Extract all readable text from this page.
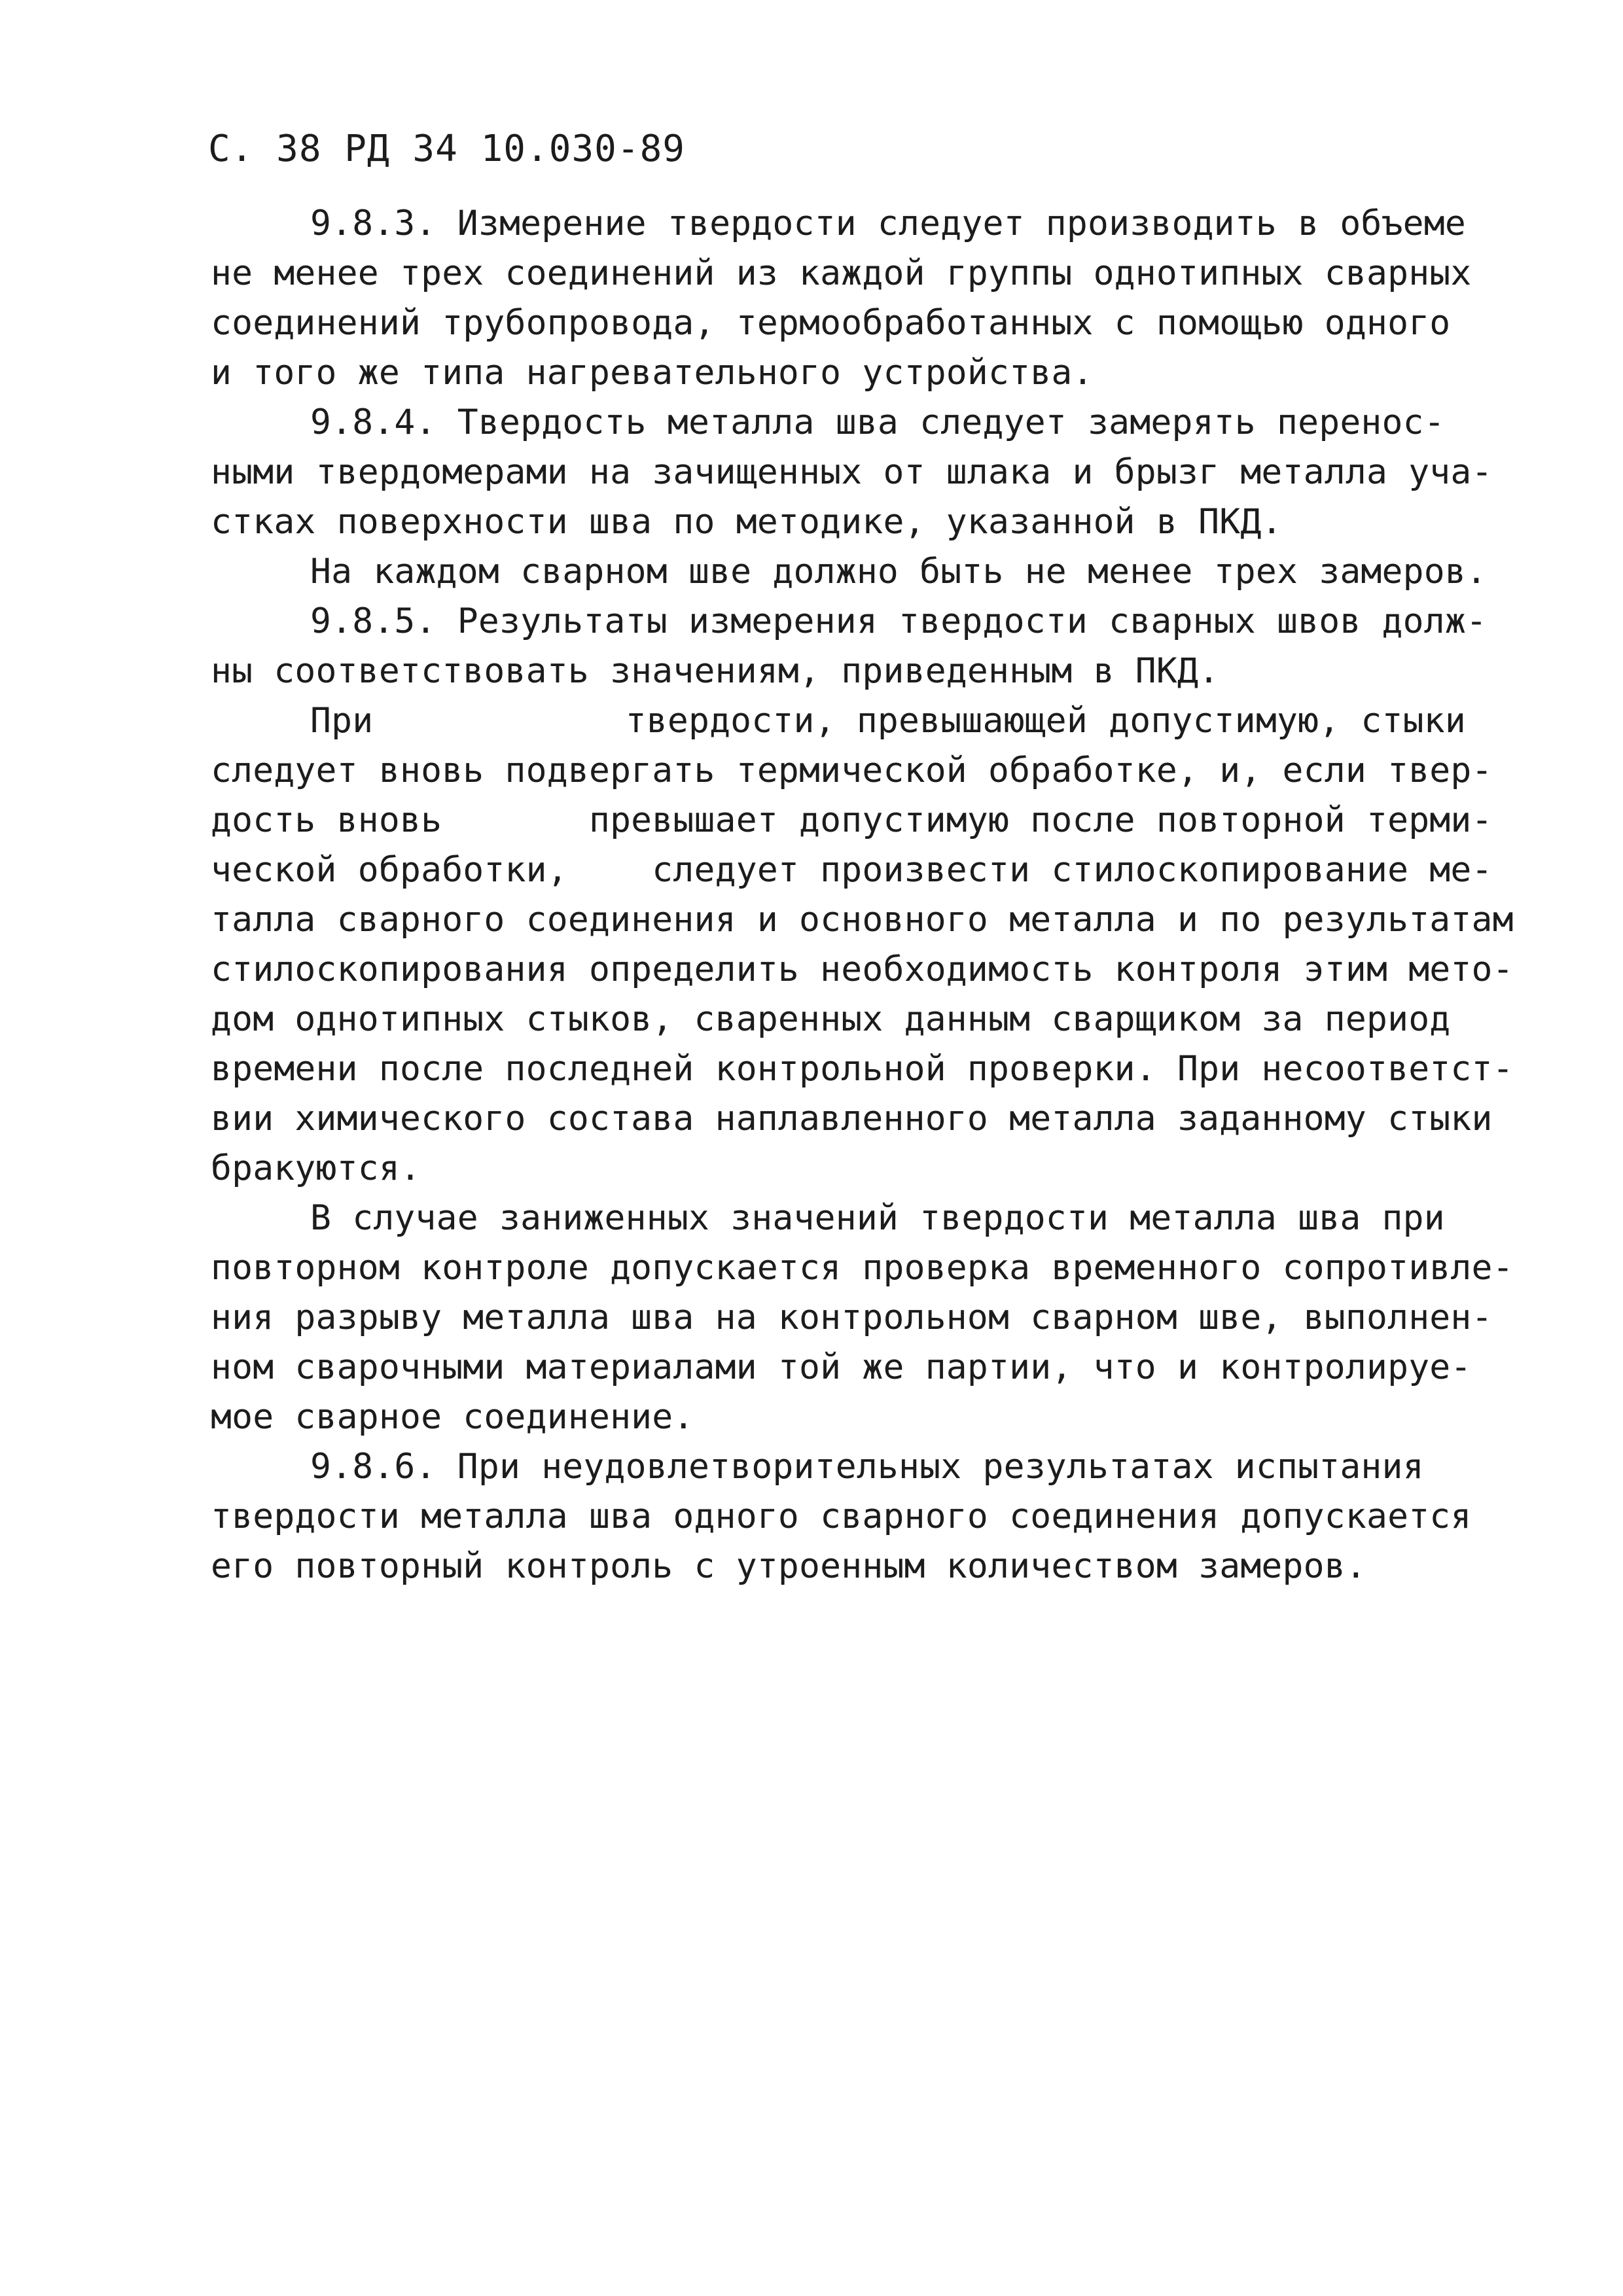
С. 38 РД 34 10.030-89
9.8.3. Измерение твердости следует производить в объеме
не менее трех соединений из каждой группы однотипных сварных
соединений трубопровода, термообработанных с помощью одного
и того же типа нагревательного устройства.
9.8.4. Твердость металла шва следует замерять перенос-
ными твердомерами на зачищенных от шлака и брызг металла уча-
стках поверхности шва по методике, указанной в ПКД.
На каждом сварном шве должно быть не менее трех замеров.
9.8.5. Результаты измерения твердости сварных швов долж-
ны соответствовать значениям, приведенным в ПКД.
При            твердости, превышающей допустимую, стыки
следует вновь подвергать термической обработке, и, если твер-
дость вновь       превышает допустимую после повторной терми-
ческой обработки,    следует произвести стилоскопирование ме-
талла сварного соединения и основного металла и по результатам
стилоскопирования определить необходимость контроля этим мето-
дом однотипных стыков, сваренных данным сварщиком за период
времени после последней контрольной проверки. При несоответст-
вии химического состава наплавленного металла заданному стыки
бракуются.
В случае заниженных значений твердости металла шва при
повторном контроле допускается проверка временного сопротивле-
ния разрыву металла шва на контрольном сварном шве, выполнен-
ном сварочными материалами той же партии, что и контролируе-
мое сварное соединение.
9.8.6. При неудовлетворительных результатах испытания
твердости металла шва одного сварного соединения допускается
его повторный контроль с утроенным количеством замеров.
